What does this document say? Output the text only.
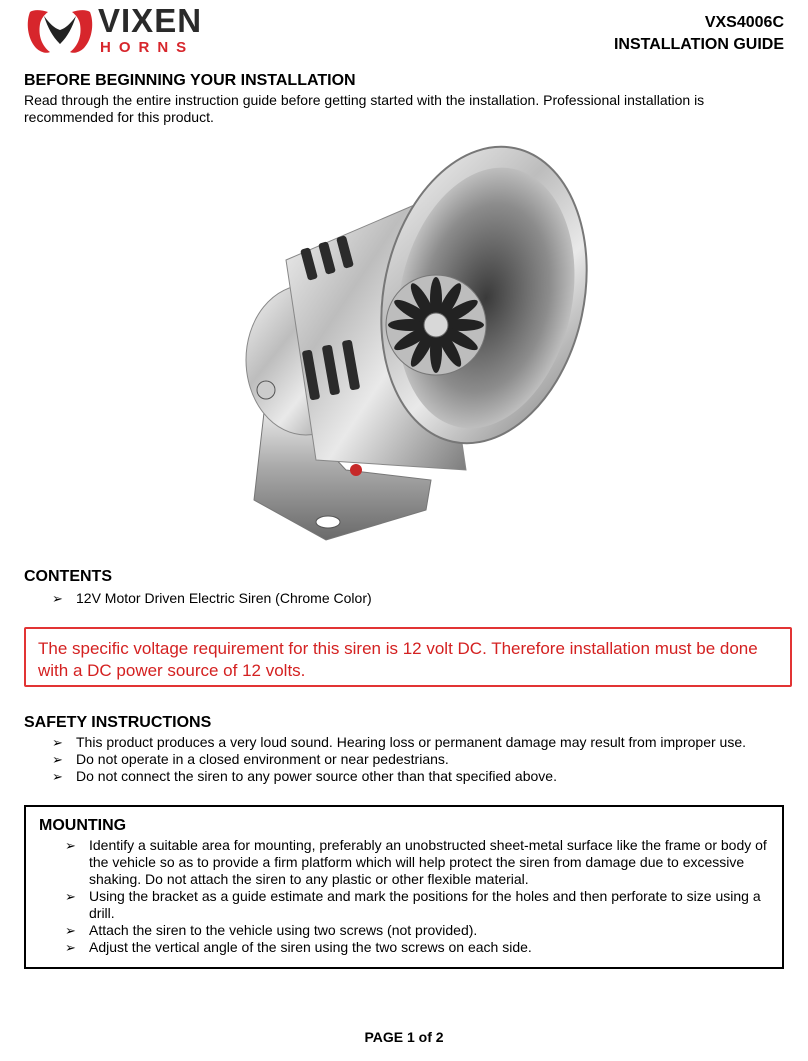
VIXEN
HORNS
VXS4006C
INSTALLATION GUIDE
BEFORE BEGINNING YOUR INSTALLATION

Read through the entire instruction guide before getting started with the installation. Professional installation is recommended for this product.

CONTENTS
➢ 12V Motor Driven Electric Siren (Chrome Color)

The specific voltage requirement for this siren is 12 volt DC. Therefore installation must be done with a DC power source of 12 volts.

SAFETY INSTRUCTIONS
➢ This product produces a very loud sound. Hearing loss or permanent damage may result from improper use.
➢ Do not operate in a closed environment or near pedestrians.
➢ Do not connect the siren to any power source other than that specified above.
MOUNTING
➢ Identify a suitable area for mounting, preferably an unobstructed sheet-metal surface like the frame or body of the vehicle so as to provide a firm platform which will help protect the siren from damage due to excessive shaking. Do not attach the siren to any plastic or other flexible material.
➢ Using the bracket as a guide estimate and mark the positions for the holes and then perforate to size using a drill.
➢ Attach the siren to the vehicle using two screws (not provided).
➢ Adjust the vertical angle of the siren using the two screws on each side.
PAGE 1 of 2
